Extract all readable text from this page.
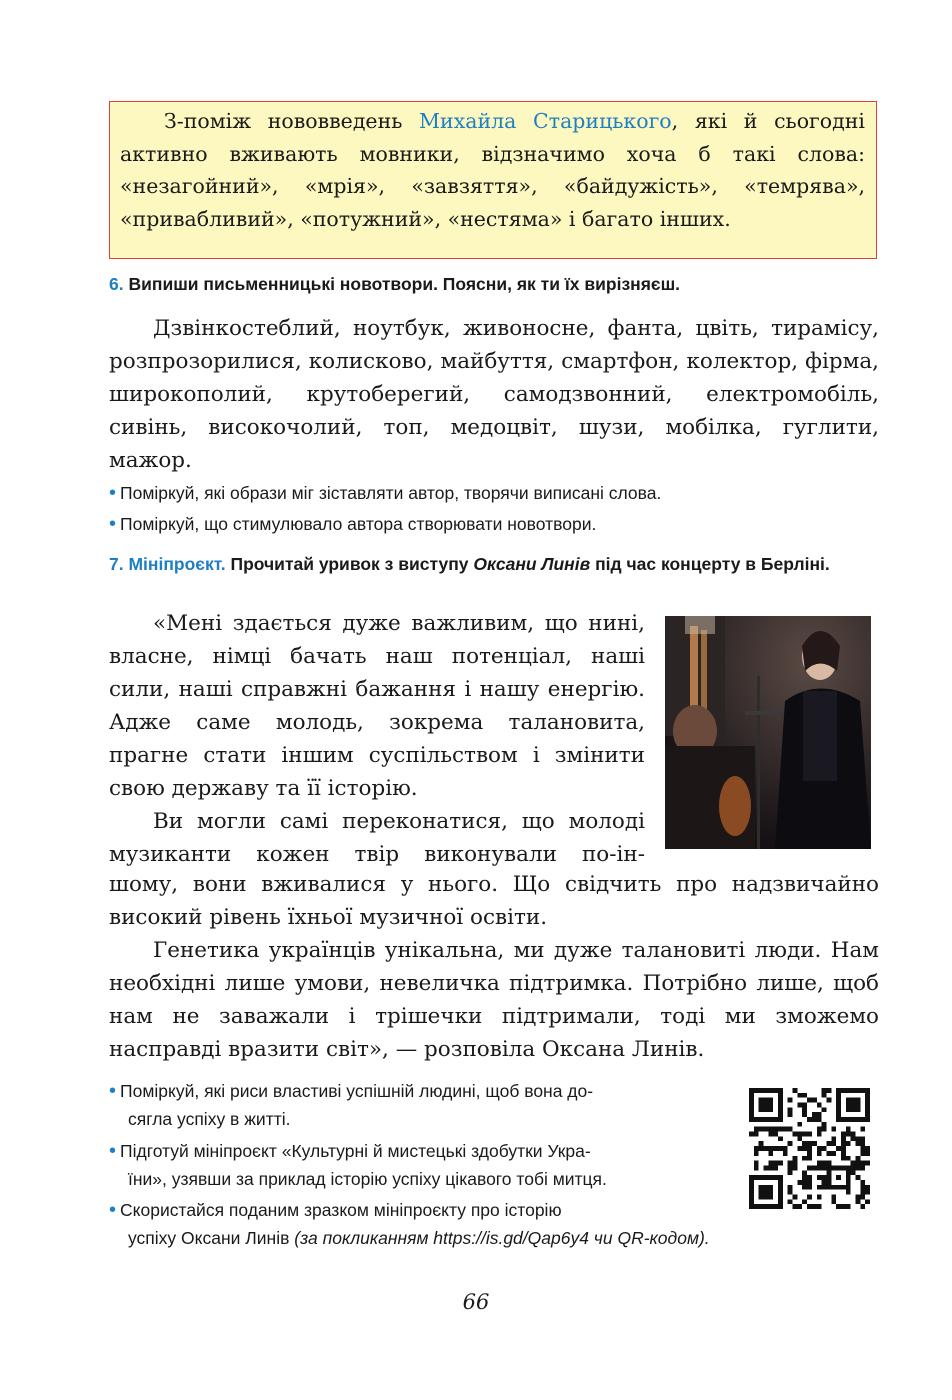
З-поміж нововведень Михайла Старицького, які й сьогодні активно вживають мовники, відзначимо хоча б такі слова: «незагойний», «мрія», «завзяття», «байдужість», «темрява», «привабливий», «потужний», «нестяма» і багато інших.

6. Випиши письменницькі новотвори. Поясни, як ти їх вирізняєш.

Дзвінкостеблий, ноутбук, живоносне, фанта, цвіть, тирамісу, розпрозорилися, колисково, майбуття, смартфон, колектор, фірма, широкополий, крутоберегий, самодзвонний, електромобіль, сивінь, високочолий, топ, медоцвіт, шузи, мобілка, гуглити, мажор.

• Поміркуй, які образи міг зіставляти автор, творячи виписані слова.
• Поміркуй, що стимулювало автора створювати новотвори.
7. Мініпроєкт. Прочитай уривок з виступу Оксани Линів під час концерту в Берліні.

«Мені здається дуже важливим, що нині, власне, німці бачать наш потенціал, наші сили, наші справжні бажання і нашу енергію. Адже саме молодь, зокрема талановита, прагне стати іншим суспільством і змінити свою державу та її історію.

Ви могли самі переконатися, що молоді музиканти кожен твір виконували по-ін-

шому, вони вживалися у нього. Що свідчить про надзвичайно високий рівень їхньої музичної освіти.

Генетика українців унікальна, ми дуже талановиті люди. Нам необхідні лише умови, невеличка підтримка. Потрібно лише, щоб нам не заважали і трішечки підтримали, тоді ми зможемо насправді вразити світ», — розповіла Оксана Линів.

• Поміркуй, які риси властиві успішній людині, щоб вона до-
сягла успіху в житті.
• Підготуй мініпроєкт «Культурні й мистецькі здобутки Укра-
їни», узявши за приклад історію успіху цікавого тобі митця.
• Скористайся поданим зразком мініпроєкту про історію
успіху Оксани Линів (за покликанням https://is.gd/Qap6y4 чи QR-кодом).
66
